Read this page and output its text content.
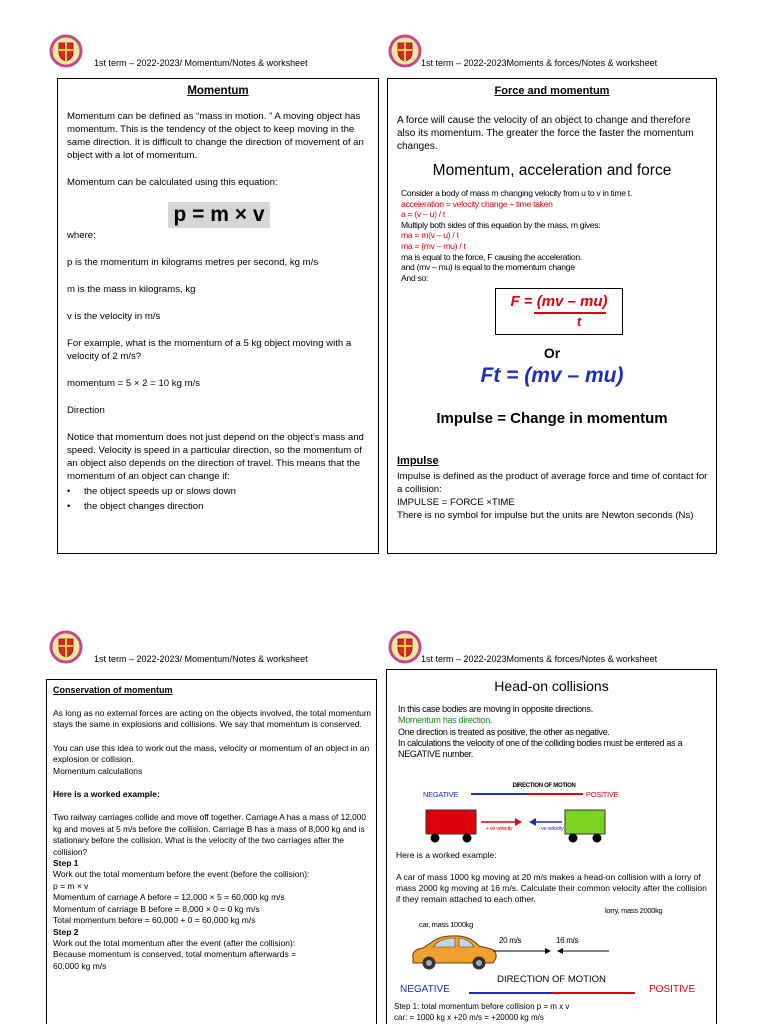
1st term – 2022-2023/ Momentum/Notes & worksheet	1st term – 2022-2023Moments & forces/Notes & worksheet
1st term – 2022-2023/ Momentum/Notes & worksheet	1st term – 2022-2023Moments & forces/Notes & worksheet
Momentum

Momentum can be defined as “mass in motion. ” A moving object has momentum. This is the tendency of the object to keep moving in the same direction. It is difficult to change the direction of movement of an object with a lot of momentum.

Momentum can be calculated using this equation:

p = m × v

where:

p is the momentum in kilograms metres per second, kg m/s

m is the mass in kilograms, kg

v is the velocity in m/s

For example, what is the momentum of a 5 kg object moving with a velocity of 2 m/s?

momentum = 5 × 2 = 10 kg m/s

Direction

Notice that momentum does not just depend on the object’s mass and speed. Velocity is speed in a particular direction, so the momentum of an object also depends on the direction of travel. This means that the momentum of an object can change if:

• the object speeds up or slows down
• the object changes direction
Force and momentum

A force will cause the velocity of an object to change and therefore also its momentum. The greater the force the faster the momentum changes.

Momentum, acceleration and force
Consider a body of mass m changing velocity from u to v in time t.
acceleration = velocity change ÷ time taken
a = (v – u) / t
Multiply both sides of this equation by the mass, m gives:
ma = m(v – u) / t
ma = (mv – mu) / t
ma is equal to the force, F causing the acceleration.
and (mv – mu) is equal to the momentum change
And so:
F = (mv – mu)
t
Or
Ft = (mv – mu)
Impulse = Change in momentum

Impulse

Impulse is defined as the product of average force and time of contact for a collision:

IMPULSE = FORCE ×TIME

There is no symbol for impulse but the units are Newton seconds (Ns)

Conservation of momentum

As long as no external forces are acting on the objects involved, the total momentum stays the same in explosions and collisions. We say that momentum is conserved.
You can use this idea to work out the mass, velocity or momentum of an object in an explosion or collision.
Momentum calculations
Here is a worked example:
Two railway carriages collide and move off together. Carriage A has a mass of 12,000 kg and moves at 5 m/s before the collision. Carriage B has a mass of 8,000 kg and is stationary before the collision. What is the velocity of the two carriages after the collision?
Step 1
Work out the total momentum before the event (before the collision):
p = m × v
Momentum of carriage A before = 12,000 × 5 = 60,000 kg m/s
Momentum of carriage B before = 8,000 × 0 = 0 kg m/s
Total momentum before = 60,000 + 0 = 60,000 kg m/s
Step 2
Work out the total momentum after the event (after the collision):
Because momentum is conserved, total momentum afterwards =
60,000 kg m/s
Head-on collisions
In this case bodies are moving in opposite directions.
Momentum has direction.
One direction is treated as positive, the other as negative.
In calculations the velocity of one of the colliding bodies must be entered as a NEGATIVE number.
DIRECTION OF MOTION
NEGATIVE	POSITIVE
+ ve velocity	- ve velocity
Here is a worked example:
A car of mass 1000 kg moving at 20 m/s makes a head-on collision with a lorry of mass 2000 kg moving at 16 m/s. Calculate their common velocity after the collision if they remain attached to each other.
lorry, mass 2000kg
car, mass 1000kg
20 m/s	16 m/s
DIRECTION OF MOTION
NEGATIVE	POSITIVE
Step 1: total momentum before collision p = m x v
car: = 1000 kg x +20 m/s = +20000 kg m/s
